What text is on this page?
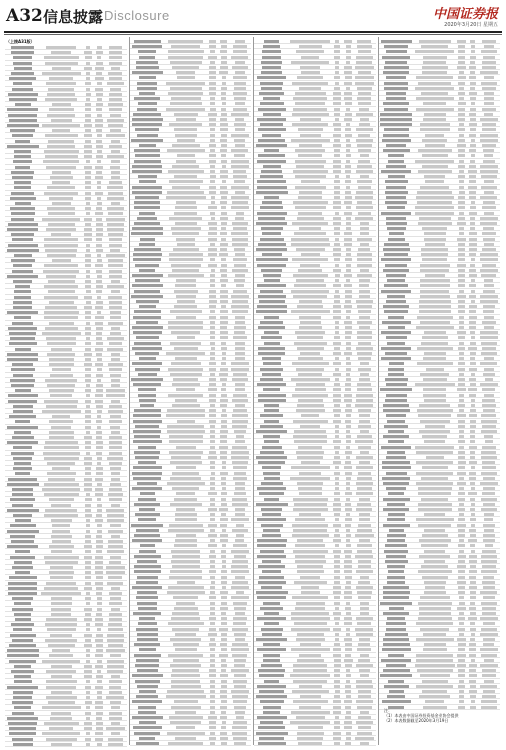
A32 信息披露 Disclosure	中国证券报
2020年3月20日 星期五
（上接A31版）
注：
（1）本表由中国证券投资基金业协会提供
（2）本表数据截至2020年3月19日
